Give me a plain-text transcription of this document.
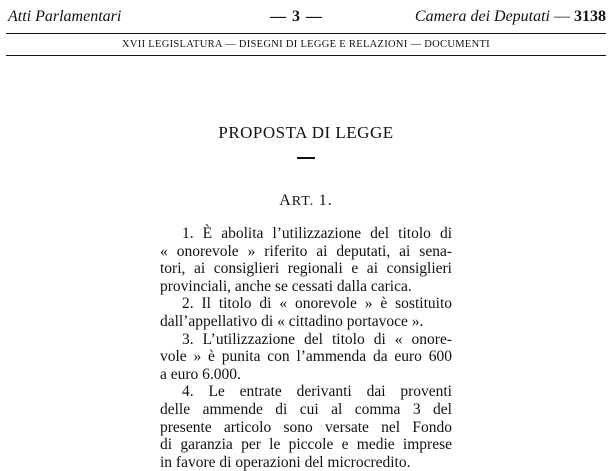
Atti Parlamentari	— 3 —	Camera dei Deputati — 3138
XVII LEGISLATURA — DISEGNI DI LEGGE E RELAZIONI — DOCUMENTI
PROPOSTA DI LEGGE
ART. 1.

1. È abolita l’utilizzazione del titolo di

« onorevole » riferito ai deputati, ai sena-

tori, ai consiglieri regionali e ai consiglieri

provinciali, anche se cessati dalla carica.

2. Il titolo di « onorevole » è sostituito

dall’appellativo di « cittadino portavoce ».

3. L’utilizzazione del titolo di « onore-

vole » è punita con l’ammenda da euro 600

a euro 6.000.

4. Le entrate derivanti dai proventi

delle ammende di cui al comma 3 del

presente articolo sono versate nel Fondo

di garanzia per le piccole e medie imprese

in favore di operazioni del microcredito.
